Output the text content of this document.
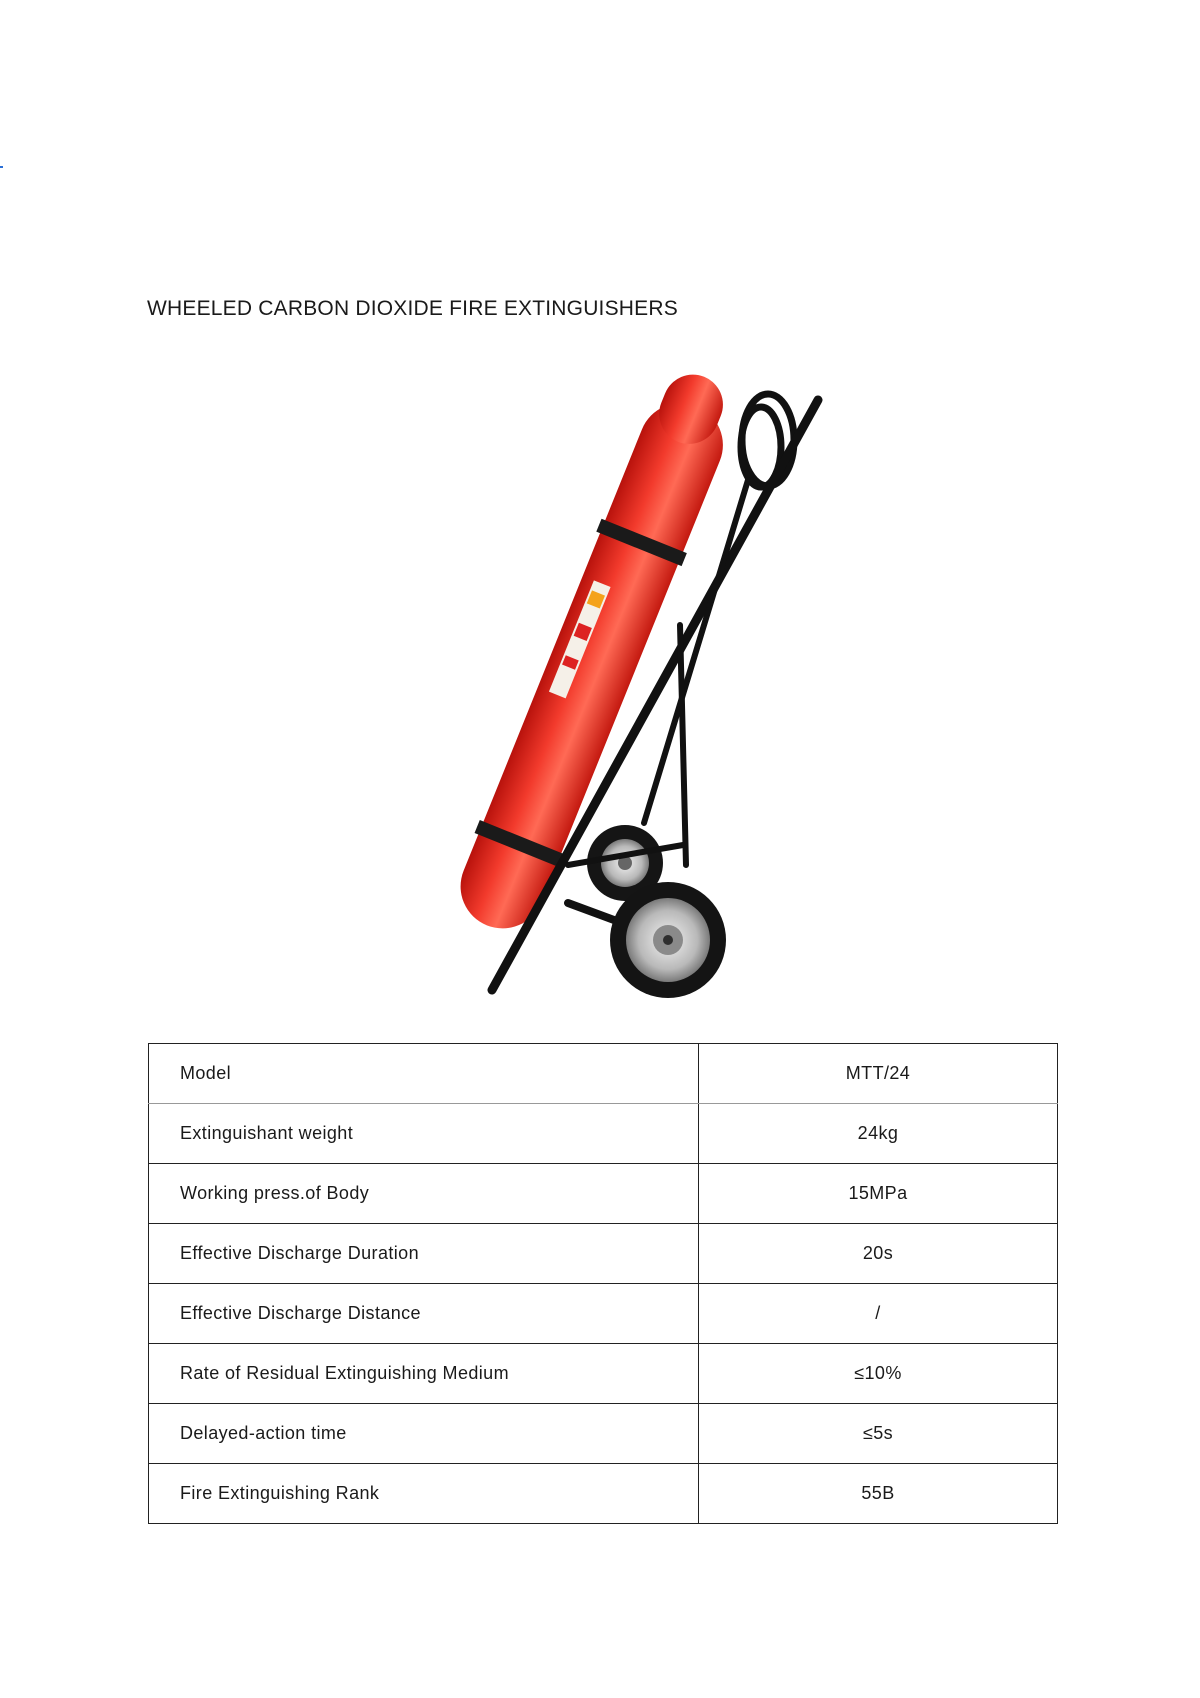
WHEELED CARBON DIOXIDE FIRE EXTINGUISHERS
Model	MTT/24
Extinguishant weight	24kg
Working press.of Body	15MPa
Effective Discharge Duration	20s
Effective Discharge Distance	/
Rate of Residual Extinguishing Medium	≤10%
Delayed-action time	≤5s
Fire Extinguishing Rank	55B
